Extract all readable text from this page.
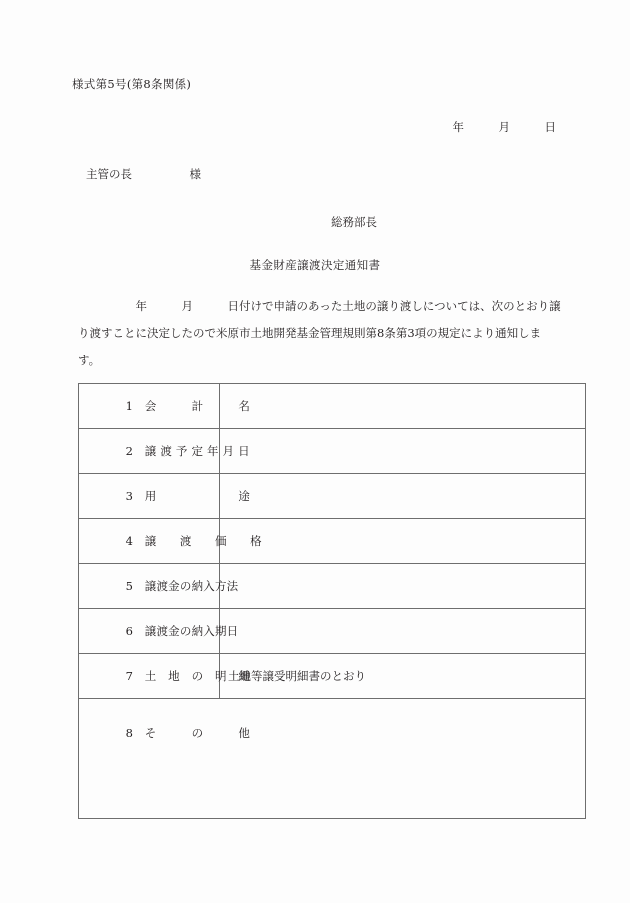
様式第5号(第8条関係)
年　　　月　　　日
主管の長　　　　　様
総務部長
基金財産譲渡決定通知書
　　　　　年　　　月　　　日付けで申請のあった土地の譲り渡しについては、次のとおり譲
り渡すことに決定したので米原市土地開発基金管理規則第8条第3項の規定により通知しま
す。

1　会　　　計　　　名

2　譲 渡 予 定 年 月 日

3　用　　　　　　　途

4　譲　　渡　　価　　格

5　譲渡金の納入方法

6　譲渡金の納入期日

7　土　地　の　明　細	土地等譲受明細書のとおり

8　そ　　　の　　　他	
